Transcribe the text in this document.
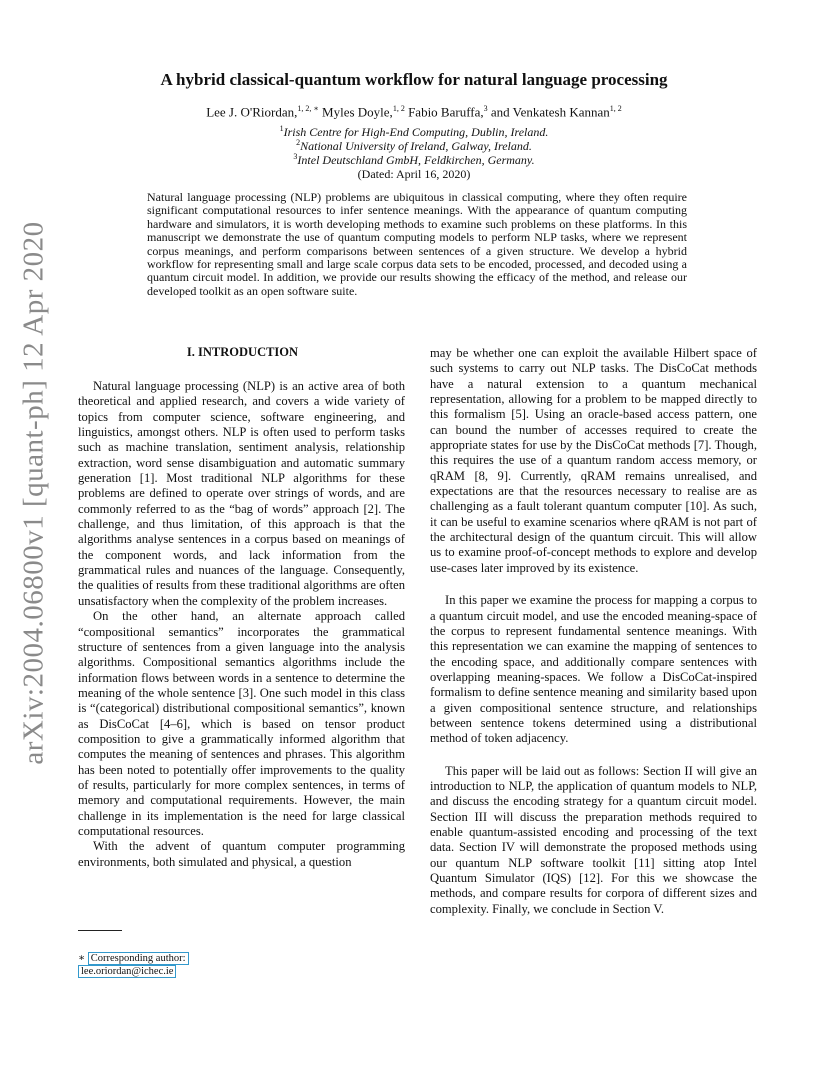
arXiv:2004.06800v1 [quant-ph] 12 Apr 2020
A hybrid classical-quantum workflow for natural language processing
Lee J. O'Riordan,$^{1, 2, ∗}$ Myles Doyle,$^{1, 2}$ Fabio Baruffa,$^3$ and Venkatesh Kannan$^{1, 2}$
$^1$Irish Centre for High-End Computing, Dublin, Ireland.
$^2$National University of Ireland, Galway, Ireland.
$^3$Intel Deutschland GmbH, Feldkirchen, Germany.
(Dated: April 16, 2020)
Natural language processing (NLP) problems are ubiquitous in classical computing, where they often require significant computational resources to infer sentence meanings. With the appearance of quantum computing hardware and simulators, it is worth developing methods to examine such problems on these platforms. In this manuscript we demonstrate the use of quantum computing models to perform NLP tasks, where we represent corpus meanings, and perform comparisons between sentences of a given structure. We develop a hybrid workflow for representing small and large scale corpus data sets to be encoded, processed, and decoded using a quantum circuit model. In addition, we provide our results showing the efficacy of the method, and release our developed toolkit as an open software suite.
I. INTRODUCTION

Natural language processing (NLP) is an active area of both theoretical and applied research, and covers a wide variety of topics from computer science, software engineering, and linguistics, amongst others. NLP is often used to perform tasks such as machine translation, sentiment analysis, relationship extraction, word sense disambiguation and automatic summary generation [1]. Most traditional NLP algorithms for these problems are defined to operate over strings of words, and are commonly referred to as the “bag of words” approach [2]. The challenge, and thus limitation, of this approach is that the algorithms analyse sentences in a corpus based on meanings of the component words, and lack information from the grammatical rules and nuances of the language. Consequently, the qualities of results from these traditional algorithms are often unsatisfactory when the complexity of the problem increases.

On the other hand, an alternate approach called “compositional semantics” incorporates the grammatical structure of sentences from a given language into the analysis algorithms. Compositional semantics algorithms include the information flows between words in a sentence to determine the meaning of the whole sentence [3]. One such model in this class is “(categorical) distributional compositional semantics”, known as DisCoCat [4–6], which is based on tensor product composition to give a grammatically informed algorithm that computes the meaning of sentences and phrases. This algorithm has been noted to potentially offer improvements to the quality of results, particularly for more complex sentences, in terms of memory and computational requirements. However, the main challenge in its implementation is the need for large classical computational resources.

With the advent of quantum computer programming environments, both simulated and physical, a question

may be whether one can exploit the available Hilbert space of such systems to carry out NLP tasks. The DisCoCat methods have a natural extension to a quantum mechanical representation, allowing for a problem to be mapped directly to this formalism [5]. Using an oracle-based access pattern, one can bound the number of accesses required to create the appropriate states for use by the DisCoCat methods [7]. Though, this requires the use of a quantum random access memory, or qRAM [8, 9]. Currently, qRAM remains unrealised, and expectations are that the resources necessary to realise are as challenging as a fault tolerant quantum computer [10]. As such, it can be useful to examine scenarios where qRAM is not part of the architectural design of the quantum circuit. This will allow us to examine proof-of-concept methods to explore and develop use-cases later improved by its existence.

In this paper we examine the process for mapping a corpus to a quantum circuit model, and use the encoded meaning-space of the corpus to represent fundamental sentence meanings. With this representation we can examine the mapping of sentences to the encoding space, and additionally compare sentences with overlapping meaning-spaces. We follow a DisCoCat-inspired formalism to define sentence meaning and similarity based upon a given compositional sentence structure, and relationships between sentence tokens determined using a distributional method of token adjacency.

This paper will be laid out as follows: Section II will give an introduction to NLP, the application of quantum models to NLP, and discuss the encoding strategy for a quantum circuit model. Section III will discuss the preparation methods required to enable quantum-assisted encoding and processing of the text data. Section IV will demonstrate the proposed methods using our quantum NLP software toolkit [11] sitting atop Intel Quantum Simulator (IQS) [12]. For this we showcase the methods, and compare results for corpora of different sizes and complexity. Finally, we conclude in Section V.

∗ Corresponding author:
lee.oriordan@ichec.ie
